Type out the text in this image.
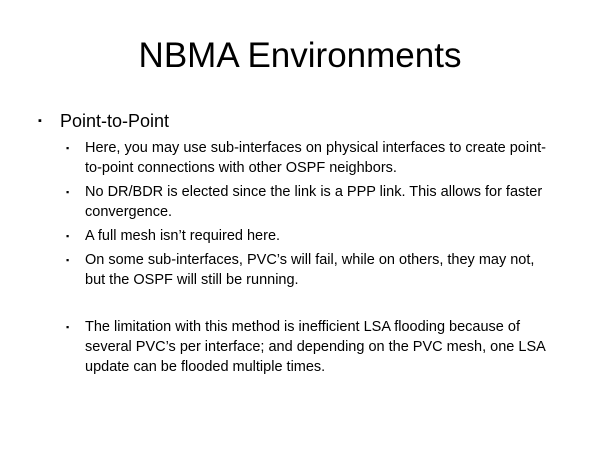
NBMA Environments
▪	Point-to-Point
▪	Here, you may use sub-interfaces on physical interfaces to create point-to-point connections with other OSPF neighbors.
▪	No DR/BDR is elected since the link is a PPP link. This allows for faster convergence.
▪	A full mesh isn’t required here.
▪	On some sub-interfaces, PVC’s will fail, while on others, they may not, but the OSPF will still be running.
▪	The limitation with this method is inefficient LSA flooding because of several PVC’s per interface; and depending on the PVC mesh, one LSA update can be flooded multiple times.
